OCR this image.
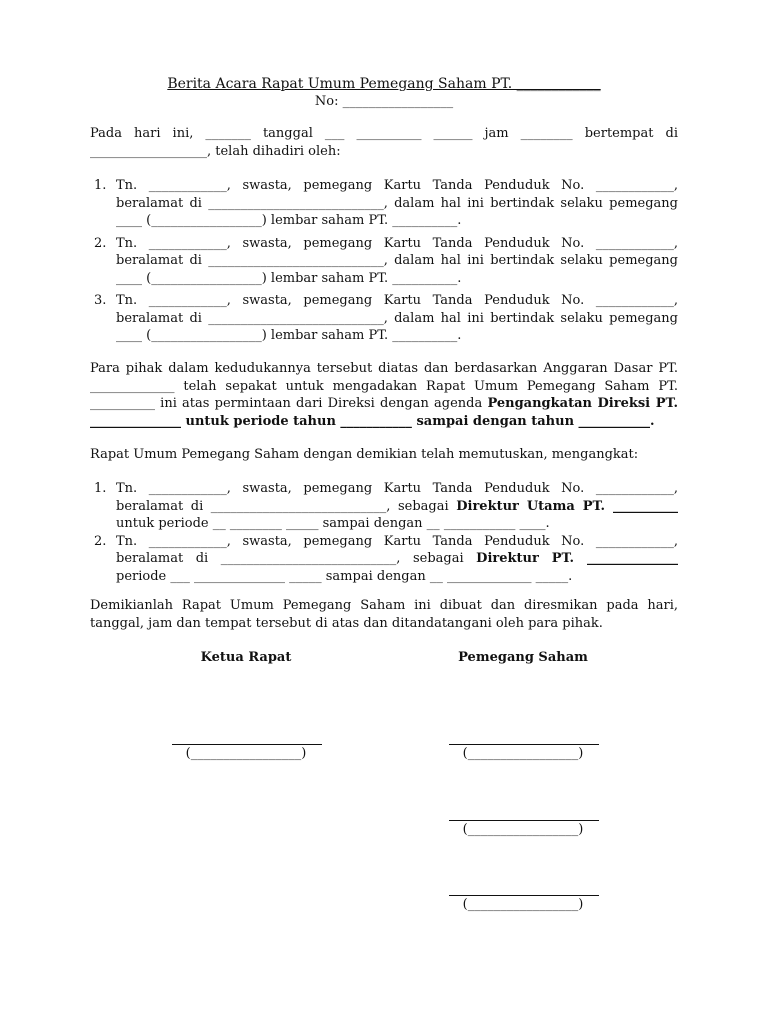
Berita Acara Rapat Umum Pemegang Saham PT. ____________
No: _________________
Pada hari ini, _______ tanggal ___ __________ ______ jam ________ bertempat di __________________, telah dihadiri oleh:
1. Tn. ____________, swasta, pemegang Kartu Tanda Penduduk No. ____________, beralamat di ___________________________, dalam hal ini bertindak selaku pemegang ____ (_________________) lembar saham PT. __________.
2. Tn. ____________, swasta, pemegang Kartu Tanda Penduduk No. ____________, beralamat di ___________________________, dalam hal ini bertindak selaku pemegang ____ (_________________) lembar saham PT. __________.
3. Tn. ____________, swasta, pemegang Kartu Tanda Penduduk No. ____________, beralamat di ___________________________, dalam hal ini bertindak selaku pemegang ____ (_________________) lembar saham PT. __________.
Para pihak dalam kedudukannya tersebut diatas dan berdasarkan Anggaran Dasar PT. _____________ telah sepakat untuk mengadakan Rapat Umum Pemegang Saham PT. __________ ini atas permintaan dari Direksi dengan agenda Pengangkatan Direksi PT. ______________ untuk periode tahun ___________ sampai dengan tahun ___________.
Rapat Umum Pemegang Saham dengan demikian telah memutuskan, mengangkat:
1. Tn. ____________, swasta, pemegang Kartu Tanda Penduduk No. ____________, beralamat di ___________________________, sebagai Direktur Utama PT. __________ untuk periode __ ________ _____ sampai dengan __ ___________ ____.
2. Tn. ____________, swasta, pemegang Kartu Tanda Penduduk No. ____________, beralamat di ___________________________, sebagai Direktur PT. ______________ periode ___ ______________ _____ sampai dengan __ _____________ _____.
Demikianlah Rapat Umum Pemegang Saham ini dibuat dan diresmikan pada hari, tanggal, jam dan tempat tersebut di atas dan ditandatangani oleh para pihak.
Ketua Rapat	Pemegang Saham
(_________________)	(_________________)
(_________________)
(_________________)
